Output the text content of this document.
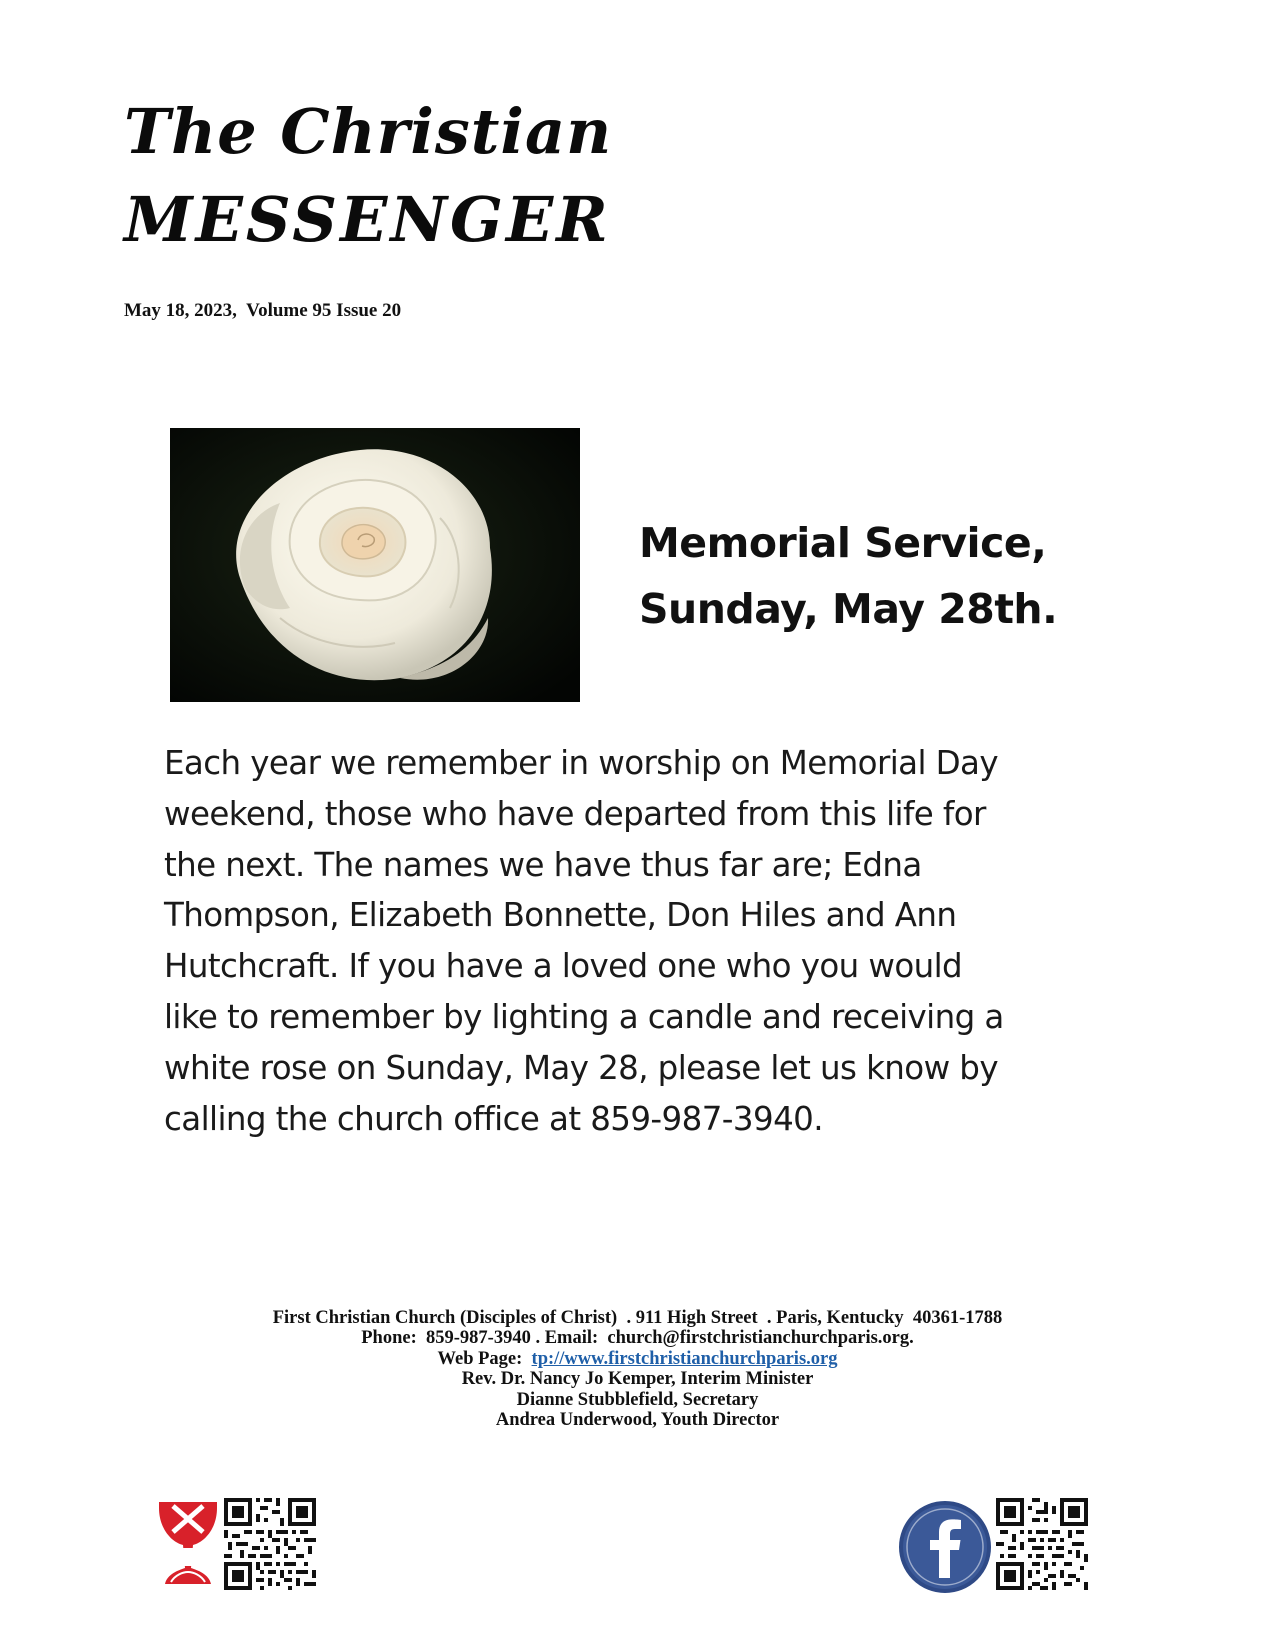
The Christian
MESSENGER
May 18, 2023,  Volume 95 Issue 20
Memorial Service,
Sunday, May 28th.
Each year we remember in worship on Memorial Day
weekend, those who have departed from this life for
the next. The names we have thus far are; Edna
Thompson, Elizabeth Bonnette, Don Hiles and Ann
Hutchcraft. If you have a loved one who you would
like to remember by lighting a candle and receiving a
white rose on Sunday, May 28, please let us know by
calling the church office at 859-987-3940.
First Christian Church (Disciples of Christ)  . 911 High Street  . Paris, Kentucky  40361-1788
Phone:  859-987-3940 . Email:  church@firstchristianchurchparis.org.
Web Page:  tp://www.firstchristianchurchparis.org
Rev. Dr. Nancy Jo Kemper, Interim Minister
Dianne Stubblefield, Secretary
Andrea Underwood, Youth Director
